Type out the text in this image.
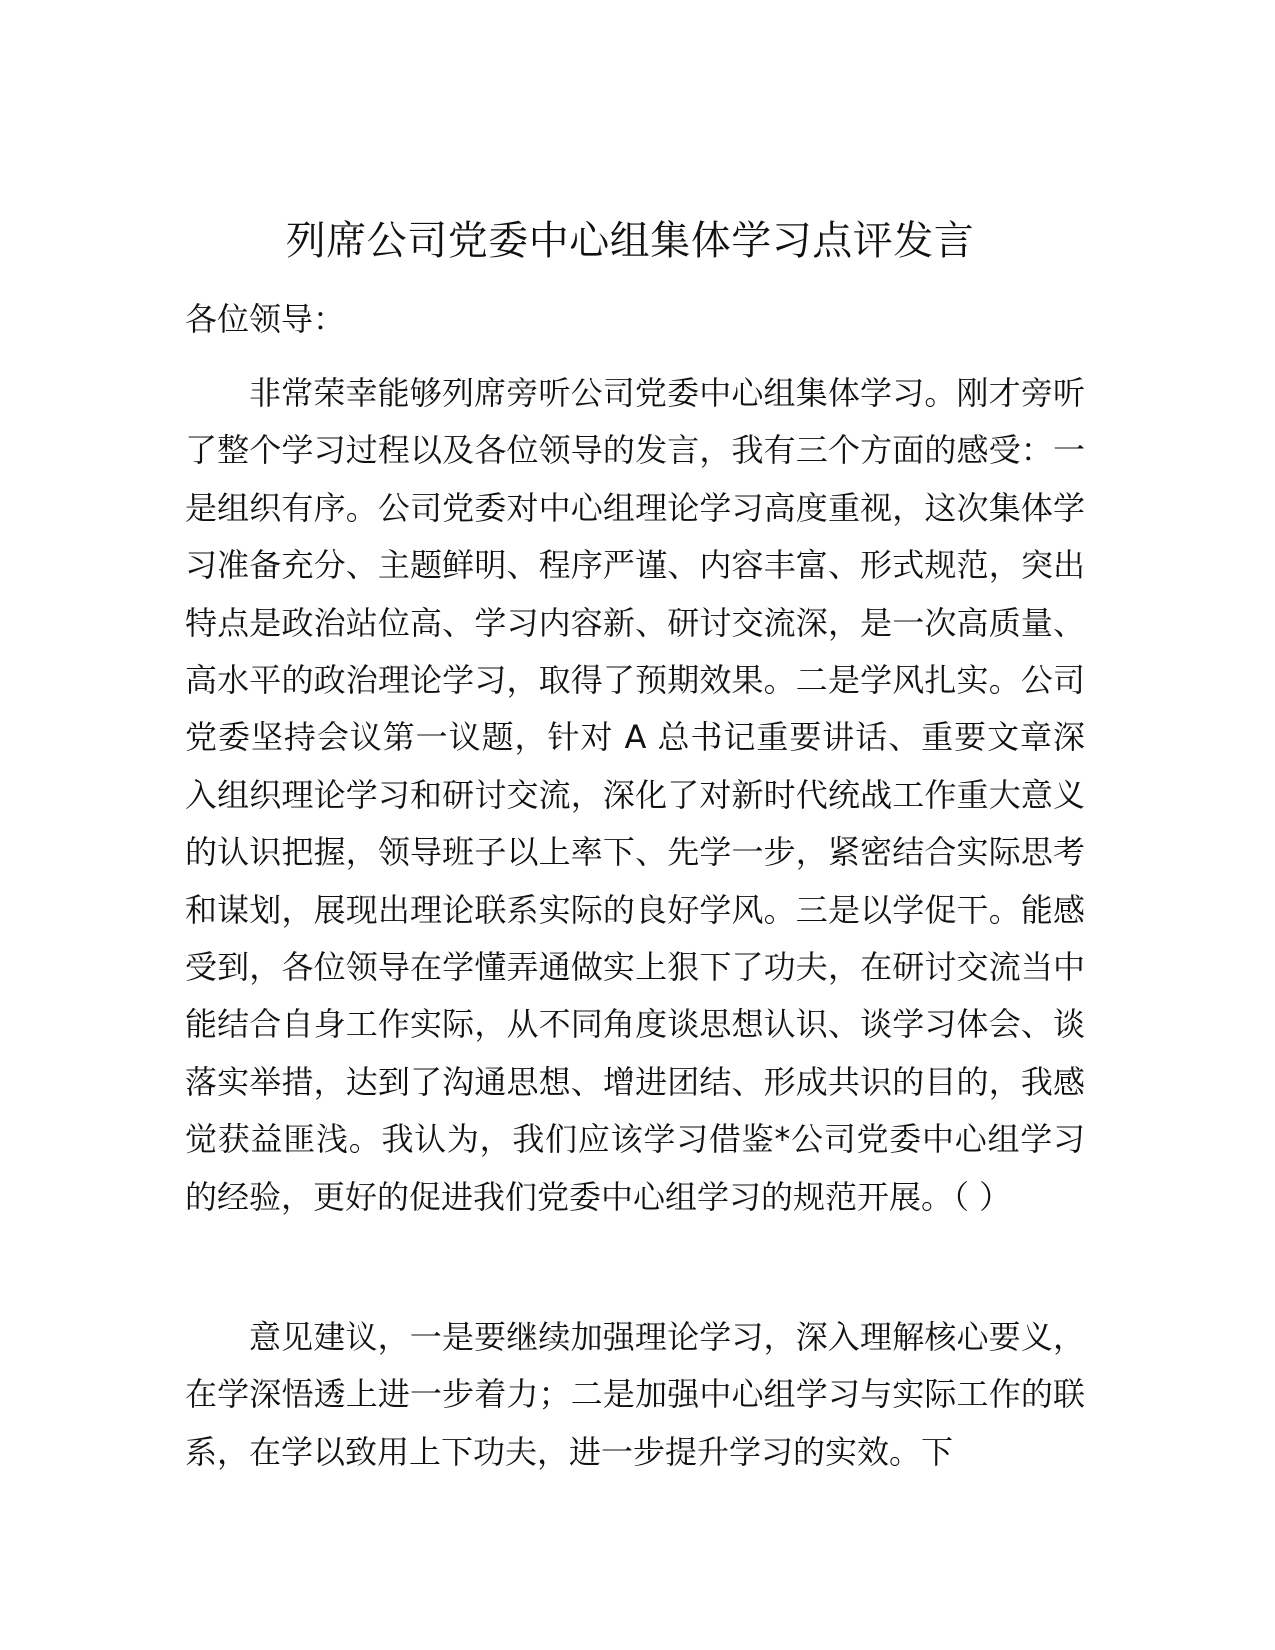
列席公司党委中心组集体学习点评发言

各位领导：

非常荣幸能够列席旁听公司党委中心组集体学习。刚才旁听了整个学习过程以及各位领导的发言，我有三个方面的感受：一是组织有序。公司党委对中心组理论学习高度重视，这次集体学习准备充分、主题鲜明、程序严谨、内容丰富、形式规范，突出特点是政治站位高、学习内容新、研讨交流深，是一次高质量、高水平的政治理论学习，取得了预期效果。二是学风扎实。公司党委坚持会议第一议题，针对 A 总书记重要讲话、重要文章深入组织理论学习和研讨交流，深化了对新时代统战工作重大意义的认识把握，领导班子以上率下、先学一步，紧密结合实际思考和谋划，展现出理论联系实际的良好学风。三是以学促干。能感受到，各位领导在学懂弄通做实上狠下了功夫，在研讨交流当中能结合自身工作实际，从不同角度谈思想认识、谈学习体会、谈落实举措，达到了沟通思想、增进团结、形成共识的目的，我感觉获益匪浅。我认为，我们应该学习借鉴*公司党委中心组学习的经验，更好的促进我们党委中心组学习的规范开展。（ ）

意见建议，一是要继续加强理论学习，深入理解核心要义，在学深悟透上进一步着力；二是加强中心组学习与实际工作的联系，在学以致用上下功夫，进一步提升学习的实效。下
